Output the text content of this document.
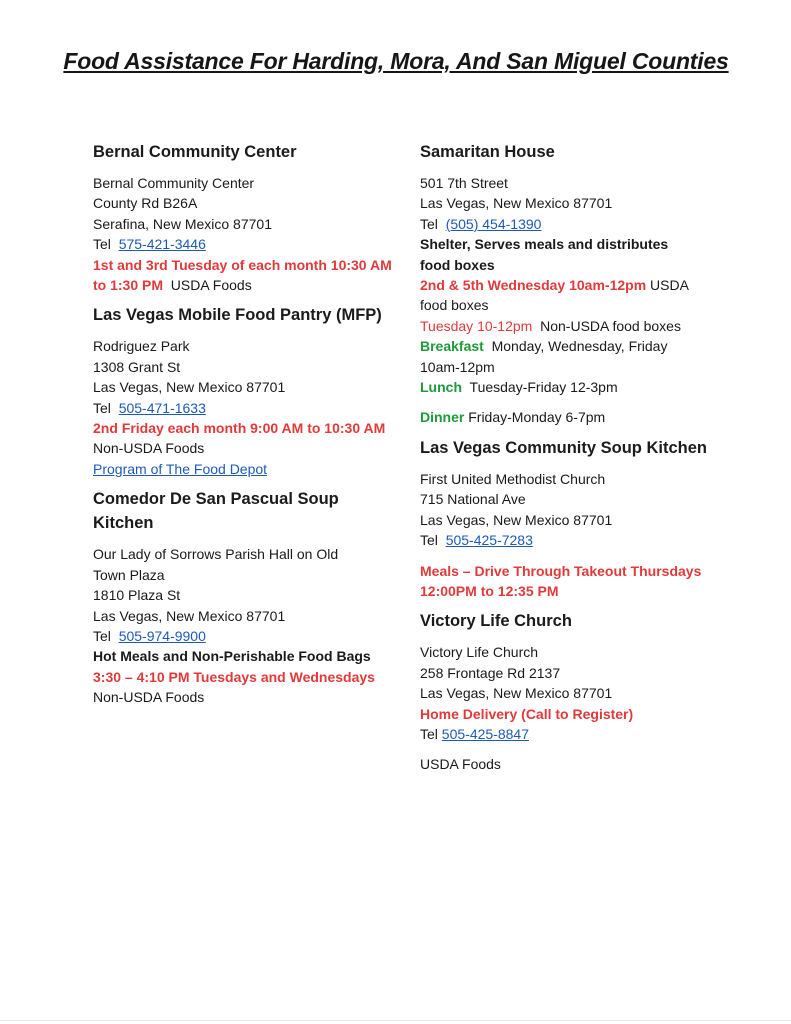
Food Assistance For Harding, Mora, And San Miguel Counties

Bernal Community Center

Bernal Community Center

County Rd B26A

Serafina, New Mexico 87701

Tel 575-421-3446

1st and 3rd Tuesday of each month 10:30 AM to 1:30 PM USDA Foods

Las Vegas Mobile Food Pantry (MFP)

Rodriguez Park

1308 Grant St

Las Vegas, New Mexico 87701

Tel 505-471-1633

2nd Friday each month 9:00 AM to 10:30 AM  Non-USDA Foods

Program of The Food Depot

Comedor De San Pascual Soup Kitchen

Our Lady of Sorrows Parish Hall on Old Town Plaza

1810 Plaza St

Las Vegas, New Mexico 87701

Tel 505-974-9900

Hot Meals and Non-Perishable Food Bags

3:30 – 4:10 PM Tuesdays and Wednesdays

Non-USDA Foods

Samaritan House

501 7th Street

Las Vegas, New Mexico 87701

Tel (505) 454-1390

Shelter, Serves meals and distributes food boxes

2nd & 5th Wednesday 10am-12pm USDA food boxes

Tuesday 10-12pm Non-USDA food boxes

Breakfast Monday, Wednesday, Friday

10am-12pm

Lunch Tuesday-Friday 12-3pm

Dinner Friday-Monday 6-7pm

Las Vegas Community Soup Kitchen

First United Methodist Church

715 National Ave

Las Vegas, New Mexico 87701

Tel 505-425-7283

Meals – Drive Through Takeout Thursdays 12:00PM to 12:35 PM

Victory Life Church

Victory Life Church

258 Frontage Rd 2137

Las Vegas, New Mexico 87701

Home Delivery (Call to Register)

Tel 505-425-8847

USDA Foods
